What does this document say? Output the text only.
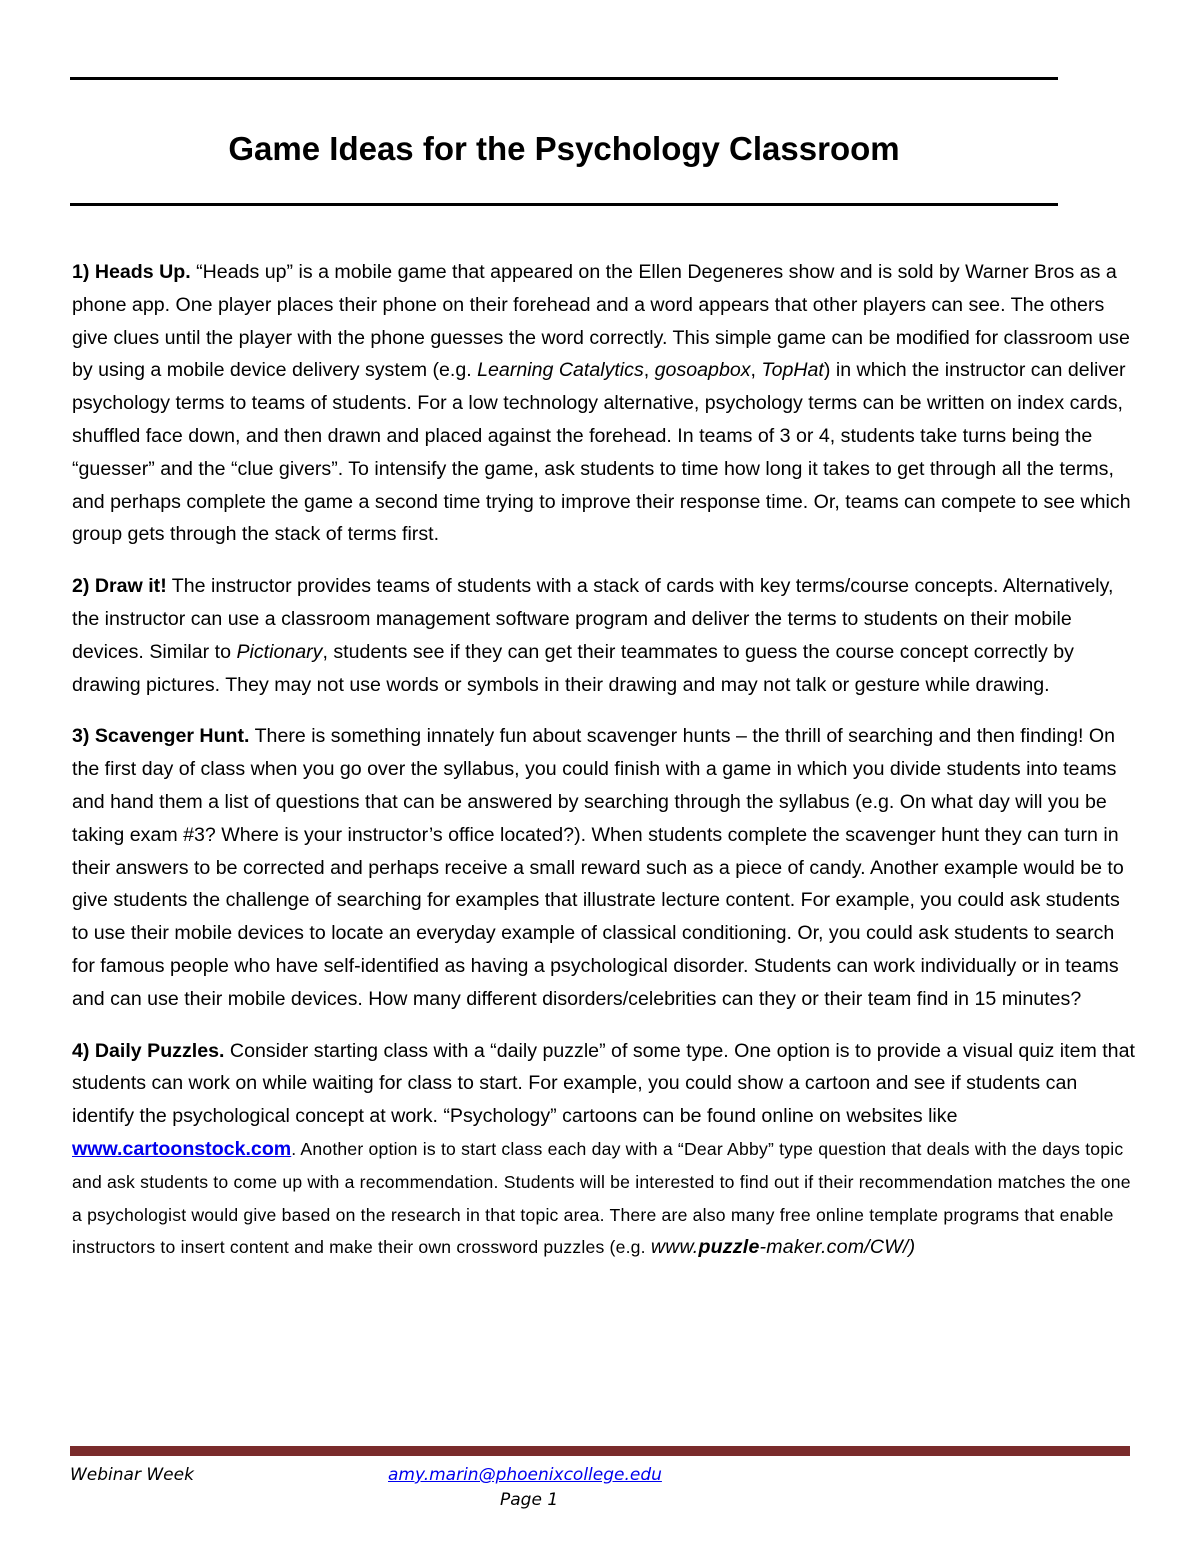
Game Ideas for the Psychology Classroom

1) Heads Up. “Heads up” is a mobile game that appeared on the Ellen Degeneres show and is sold by Warner Bros as a phone app. One player places their phone on their forehead and a word appears that other players can see. The others give clues until the player with the phone guesses the word correctly. This simple game can be modified for classroom use by using a mobile device delivery system (e.g. Learning Catalytics, gosoapbox, TopHat) in which the instructor can deliver psychology terms to teams of students. For a low technology alternative, psychology terms can be written on index cards, shuffled face down, and then drawn and placed against the forehead. In teams of 3 or 4, students take turns being the “guesser” and the “clue givers”. To intensify the game, ask students to time how long it takes to get through all the terms, and perhaps complete the game a second time trying to improve their response time. Or, teams can compete to see which group gets through the stack of terms first.

2) Draw it! The instructor provides teams of students with a stack of cards with key terms/course concepts. Alternatively, the instructor can use a classroom management software program and deliver the terms to students on their mobile devices. Similar to Pictionary, students see if they can get their teammates to guess the course concept correctly by drawing pictures. They may not use words or symbols in their drawing and may not talk or gesture while drawing.

3) Scavenger Hunt. There is something innately fun about scavenger hunts – the thrill of searching and then finding! On the first day of class when you go over the syllabus, you could finish with a game in which you divide students into teams and hand them a list of questions that can be answered by searching through the syllabus (e.g. On what day will you be taking exam #3? Where is your instructor’s office located?). When students complete the scavenger hunt they can turn in their answers to be corrected and perhaps receive a small reward such as a piece of candy. Another example would be to give students the challenge of searching for examples that illustrate lecture content. For example, you could ask students to use their mobile devices to locate an everyday example of classical conditioning. Or, you could ask students to search for famous people who have self-identified as having a psychological disorder. Students can work individually or in teams and can use their mobile devices. How many different disorders/celebrities can they or their team find in 15 minutes?

4) Daily Puzzles. Consider starting class with a “daily puzzle” of some type. One option is to provide a visual quiz item that students can work on while waiting for class to start. For example, you could show a cartoon and see if students can identify the psychological concept at work. “Psychology” cartoons can be found online on websites like www.cartoonstock.com. Another option is to start class each day with a “Dear Abby” type question that deals with the days topic and ask students to come up with a recommendation. Students will be interested to find out if their recommendation matches the one a psychologist would give based on the research in that topic area. There are also many free online template programs that enable instructors to insert content and make their own crossword puzzles (e.g. www.puzzle-maker.com/CW/)

Webinar Week	amy.marin@phoenixcollege.edu
Page 1
